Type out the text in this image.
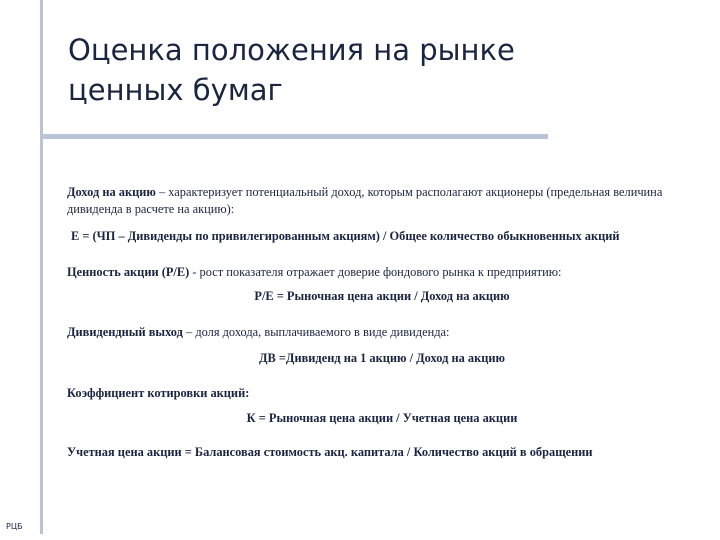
Оценка положения на рынке
ценных бумаг

Доход на акцию – характеризует потенциальный доход, которым располагают акционеры (предельная величина дивиденда в расчете на акцию):

E = (ЧП – Дивиденды по привилегированным акциям) / Общее количество обыкновенных акций

Ценность акции (P/E) - рост показателя отражает доверие фондового рынка к предприятию:

P/E = Рыночная цена акции / Доход на акцию

Дивидендный выход – доля дохода, выплачиваемого в виде дивиденда:

ДВ =Дивиденд на 1 акцию / Доход на акцию

Коэффициент котировки акций:

К = Рыночная цена акции / Учетная цена акции

Учетная цена акции = Балансовая стоимость акц. капитала / Количество акций в обращении

РЦБ
